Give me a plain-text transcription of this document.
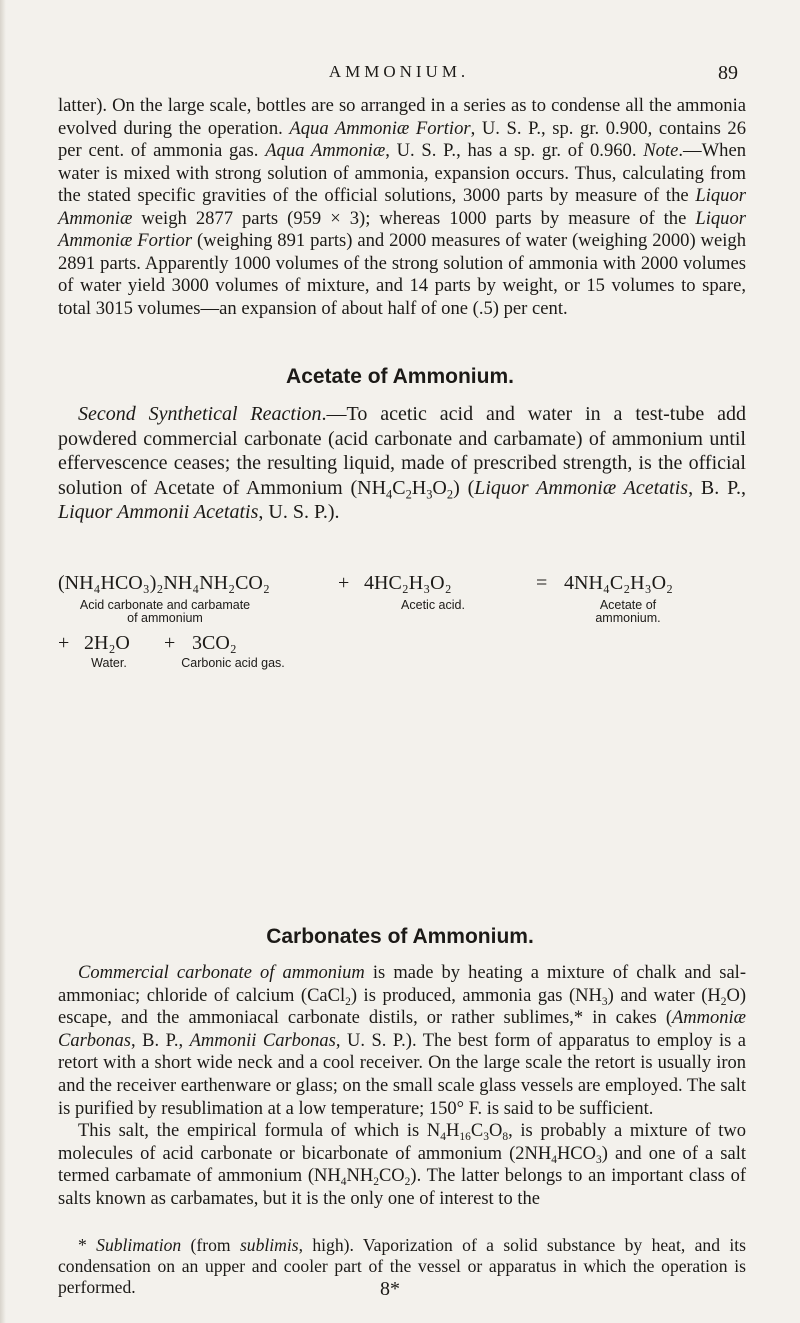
AMMONIUM.	89

latter). On the large scale, bottles are so arranged in a series as to condense all the ammonia evolved during the operation. Aqua Ammoniæ Fortior, U. S. P., sp. gr. 0.900, contains 26 per cent. of ammonia gas. Aqua Ammoniæ, U. S. P., has a sp. gr. of 0.960. Note.—When water is mixed with strong solution of ammonia, expansion occurs. Thus, calculating from the stated specific gravities of the official solutions, 3000 parts by measure of the Liquor Ammoniæ weigh 2877 parts (959 × 3); whereas 1000 parts by measure of the Liquor Ammoniæ Fortior (weighing 891 parts) and 2000 measures of water (weighing 2000) weigh 2891 parts. Apparently 1000 volumes of the strong solution of ammonia with 2000 volumes of water yield 3000 volumes of mixture, and 14 parts by weight, or 15 volumes to spare, total 3015 volumes—an expansion of about half of one (.5) per cent.

Acetate of Ammonium.

Second Synthetical Reaction.—To acetic acid and water in a test-tube add powdered commercial carbonate (acid carbonate and carbamate) of ammonium until effervescence ceases; the resulting liquid, made of prescribed strength, is the official solution of Acetate of Ammonium $(NH_4C_2H_3O_2)$ (Liquor Ammoniæ Acetatis, B. P., Liquor Ammonii Acetatis, U. S. P.).

(NH₄HCO₃)₂NH₄NH₂CO₂	+ 4HC₂H₃O₂	= 4NH₄C₂H₃O₂
Acid carbonate and carbamate
of ammonium
Acetic acid.	Acetate of
ammonium.
+ 2H₂O + 3CO₂
Water.	Carbonic acid gas.
Carbonates of Ammonium.

Commercial carbonate of ammonium is made by heating a mixture of chalk and sal-ammoniac; chloride of calcium (CaCl$_2$) is produced, ammonia gas $(NH_3)$ and water $(H_2O)$ escape, and the ammoniacal carbonate distils, or rather sublimes,* in cakes (Ammoniæ Carbonas, B. P., Ammonii Carbonas, U. S. P.). The best form of apparatus to employ is a retort with a short wide neck and a cool receiver. On the large scale the retort is usually iron and the receiver earthenware or glass; on the small scale glass vessels are employed. The salt is purified by resublimation at a low temperature; 150° F. is said to be sufficient.

This salt, the empirical formula of which is $N_4H_{16}C_3O_8$, is probably a mixture of two molecules of acid carbonate or bicarbonate of ammonium $(2NH_4HCO_3)$ and one of a salt termed carbamate of ammonium $(NH_4NH_2CO_2)$. The latter belongs to an important class of salts known as carbamates, but it is the only one of interest to the

* Sublimation (from sublimis, high). Vaporization of a solid substance by heat, and its condensation on an upper and cooler part of the vessel or apparatus in which the operation is performed.	8*
